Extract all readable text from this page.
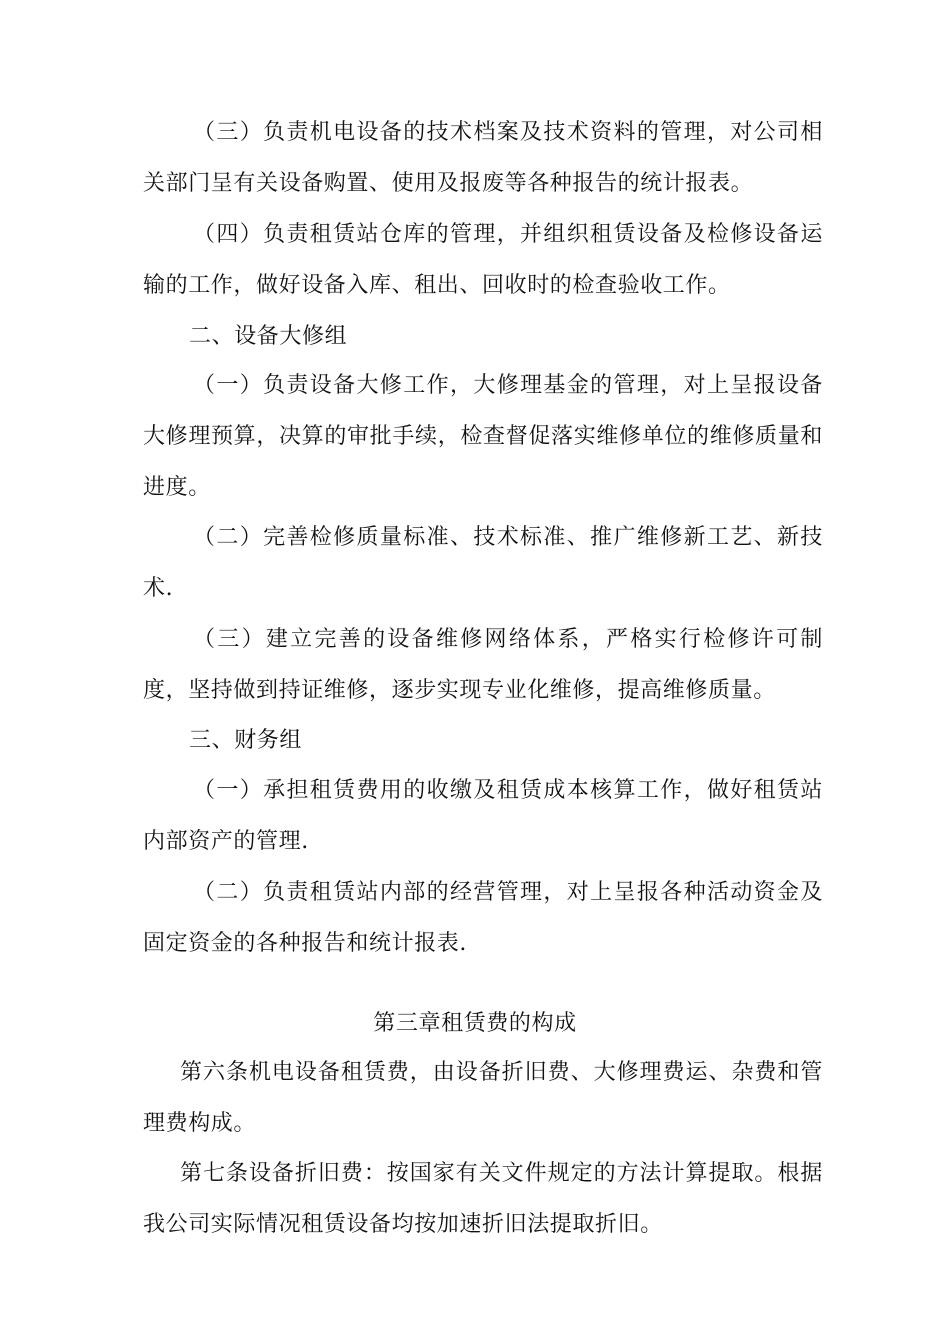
（三）负责机电设备的技术档案及技术资料的管理，对公司相关部门呈有关设备购置、使用及报废等各种报告的统计报表。

（四）负责租赁站仓库的管理，并组织租赁设备及检修设备运输的工作，做好设备入库、租出、回收时的检查验收工作。

二、设备大修组

（一）负责设备大修工作，大修理基金的管理，对上呈报设备大修理预算，决算的审批手续，检查督促落实维修单位的维修质量和进度。

（二）完善检修质量标准、技术标准、推广维修新工艺、新技术.

（三）建立完善的设备维修网络体系，严格实行检修许可制度，坚持做到持证维修，逐步实现专业化维修，提高维修质量。

三、财务组

（一）承担租赁费用的收缴及租赁成本核算工作，做好租赁站内部资产的管理.

（二）负责租赁站内部的经营管理，对上呈报各种活动资金及固定资金的各种报告和统计报表.

第三章租赁费的构成

第六条机电设备租赁费，由设备折旧费、大修理费运、杂费和管理费构成。

第七条设备折旧费：按国家有关文件规定的方法计算提取。根据我公司实际情况租赁设备均按加速折旧法提取折旧。
